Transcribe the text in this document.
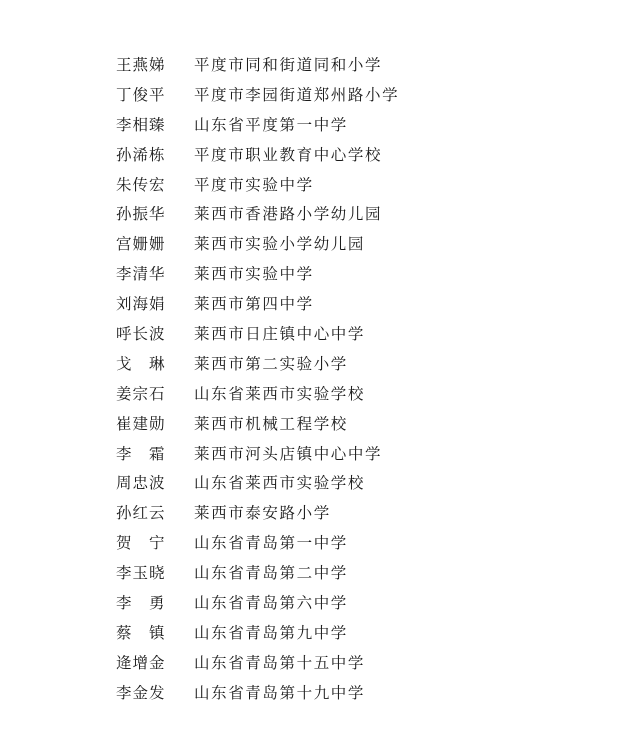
王燕娣	平度市同和街道同和小学
丁俊平	平度市李园街道郑州路小学
李相臻	山东省平度第一中学
孙浠栋	平度市职业教育中心学校
朱传宏	平度市实验中学
孙振华	莱西市香港路小学幼儿园
宫姗姗	莱西市实验小学幼儿园
李清华	莱西市实验中学
刘海娟	莱西市第四中学
呼长波	莱西市日庄镇中心中学
戈　琳	莱西市第二实验小学
姜宗石	山东省莱西市实验学校
崔建勋	莱西市机械工程学校
李　霜	莱西市河头店镇中心中学
周忠波	山东省莱西市实验学校
孙红云	莱西市泰安路小学
贺　宁	山东省青岛第一中学
李玉晓	山东省青岛第二中学
李　勇	山东省青岛第六中学
蔡　镇	山东省青岛第九中学
逄增金	山东省青岛第十五中学
李金发	山东省青岛第十九中学
